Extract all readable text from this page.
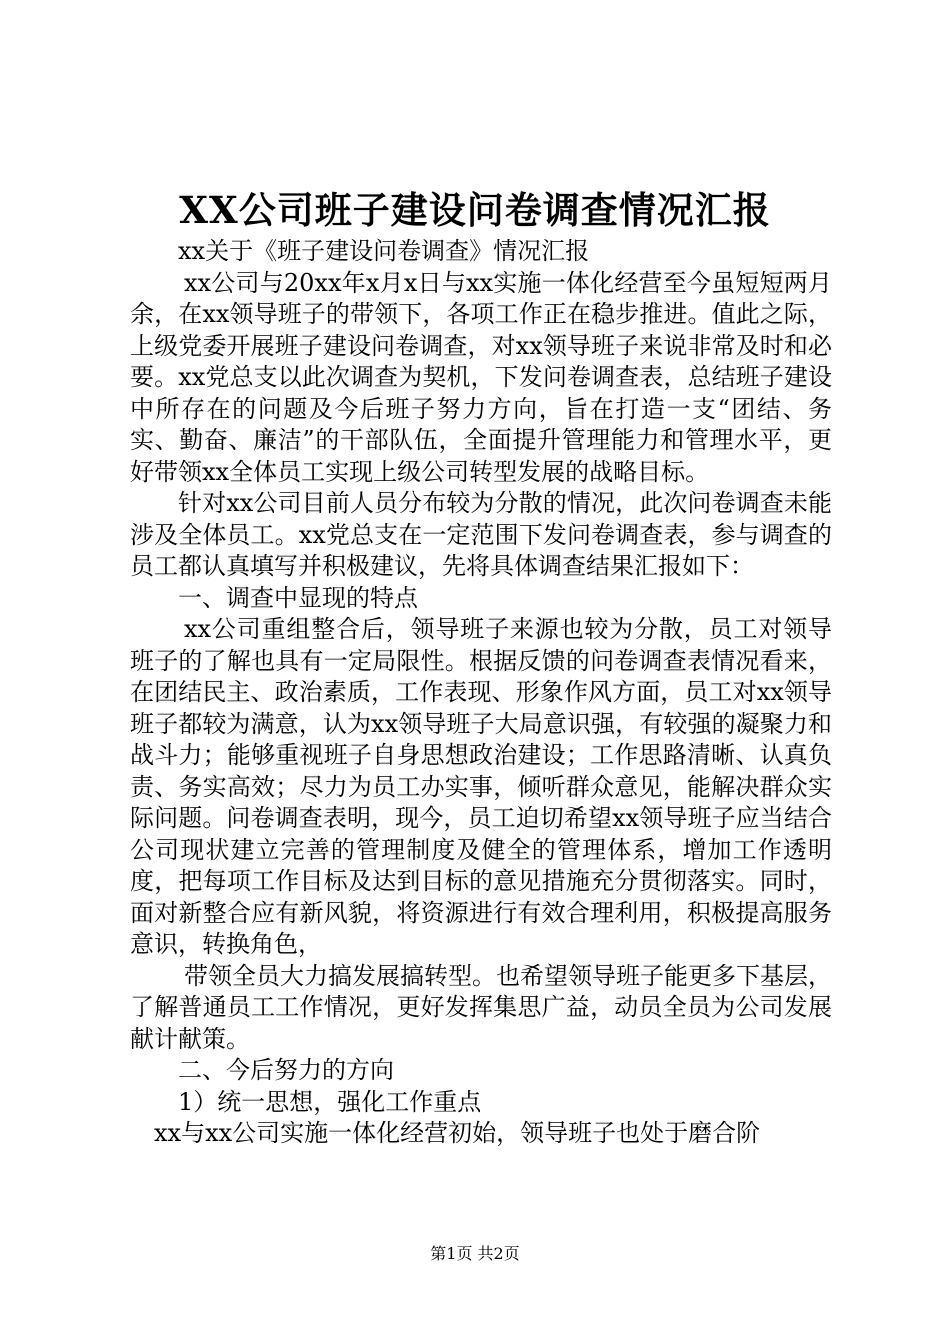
XX公司班子建设问卷调查情况汇报

xx关于《班子建设问卷调查》情况汇报

xx公司与20xx年x月x日与xx实施一体化经营至今虽短短两月余，在xx领导班子的带领下，各项工作正在稳步推进。值此之际，上级党委开展班子建设问卷调查，对xx领导班子来说非常及时和必要。xx党总支以此次调查为契机，下发问卷调查表，总结班子建设中所存在的问题及今后班子努力方向，旨在打造一支“团结、务实、勤奋、廉洁”的干部队伍，全面提升管理能力和管理水平，更好带领xx全体员工实现上级公司转型发展的战略目标。

针对xx公司目前人员分布较为分散的情况，此次问卷调查未能涉及全体员工。xx党总支在一定范围下发问卷调查表，参与调查的员工都认真填写并积极建议，先将具体调查结果汇报如下：

一、调查中显现的特点

xx公司重组整合后，领导班子来源也较为分散，员工对领导班子的了解也具有一定局限性。根据反馈的问卷调查表情况看来，在团结民主、政治素质，工作表现、形象作风方面，员工对xx领导班子都较为满意，认为xx领导班子大局意识强，有较强的凝聚力和战斗力；能够重视班子自身思想政治建设；工作思路清晰、认真负责、务实高效；尽力为员工办实事，倾听群众意见，能解决群众实际问题。问卷调查表明，现今，员工迫切希望xx领导班子应当结合公司现状建立完善的管理制度及健全的管理体系，增加工作透明度，把每项工作目标及达到目标的意见措施充分贯彻落实。同时，面对新整合应有新风貌，将资源进行有效合理利用，积极提高服务意识，转换角色，

带领全员大力搞发展搞转型。也希望领导班子能更多下基层，了解普通员工工作情况，更好发挥集思广益，动员全员为公司发展献计献策。

二、今后努力的方向

1）统一思想，强化工作重点

xx与xx公司实施一体化经营初始，领导班子也处于磨合阶

第1页 共2页
